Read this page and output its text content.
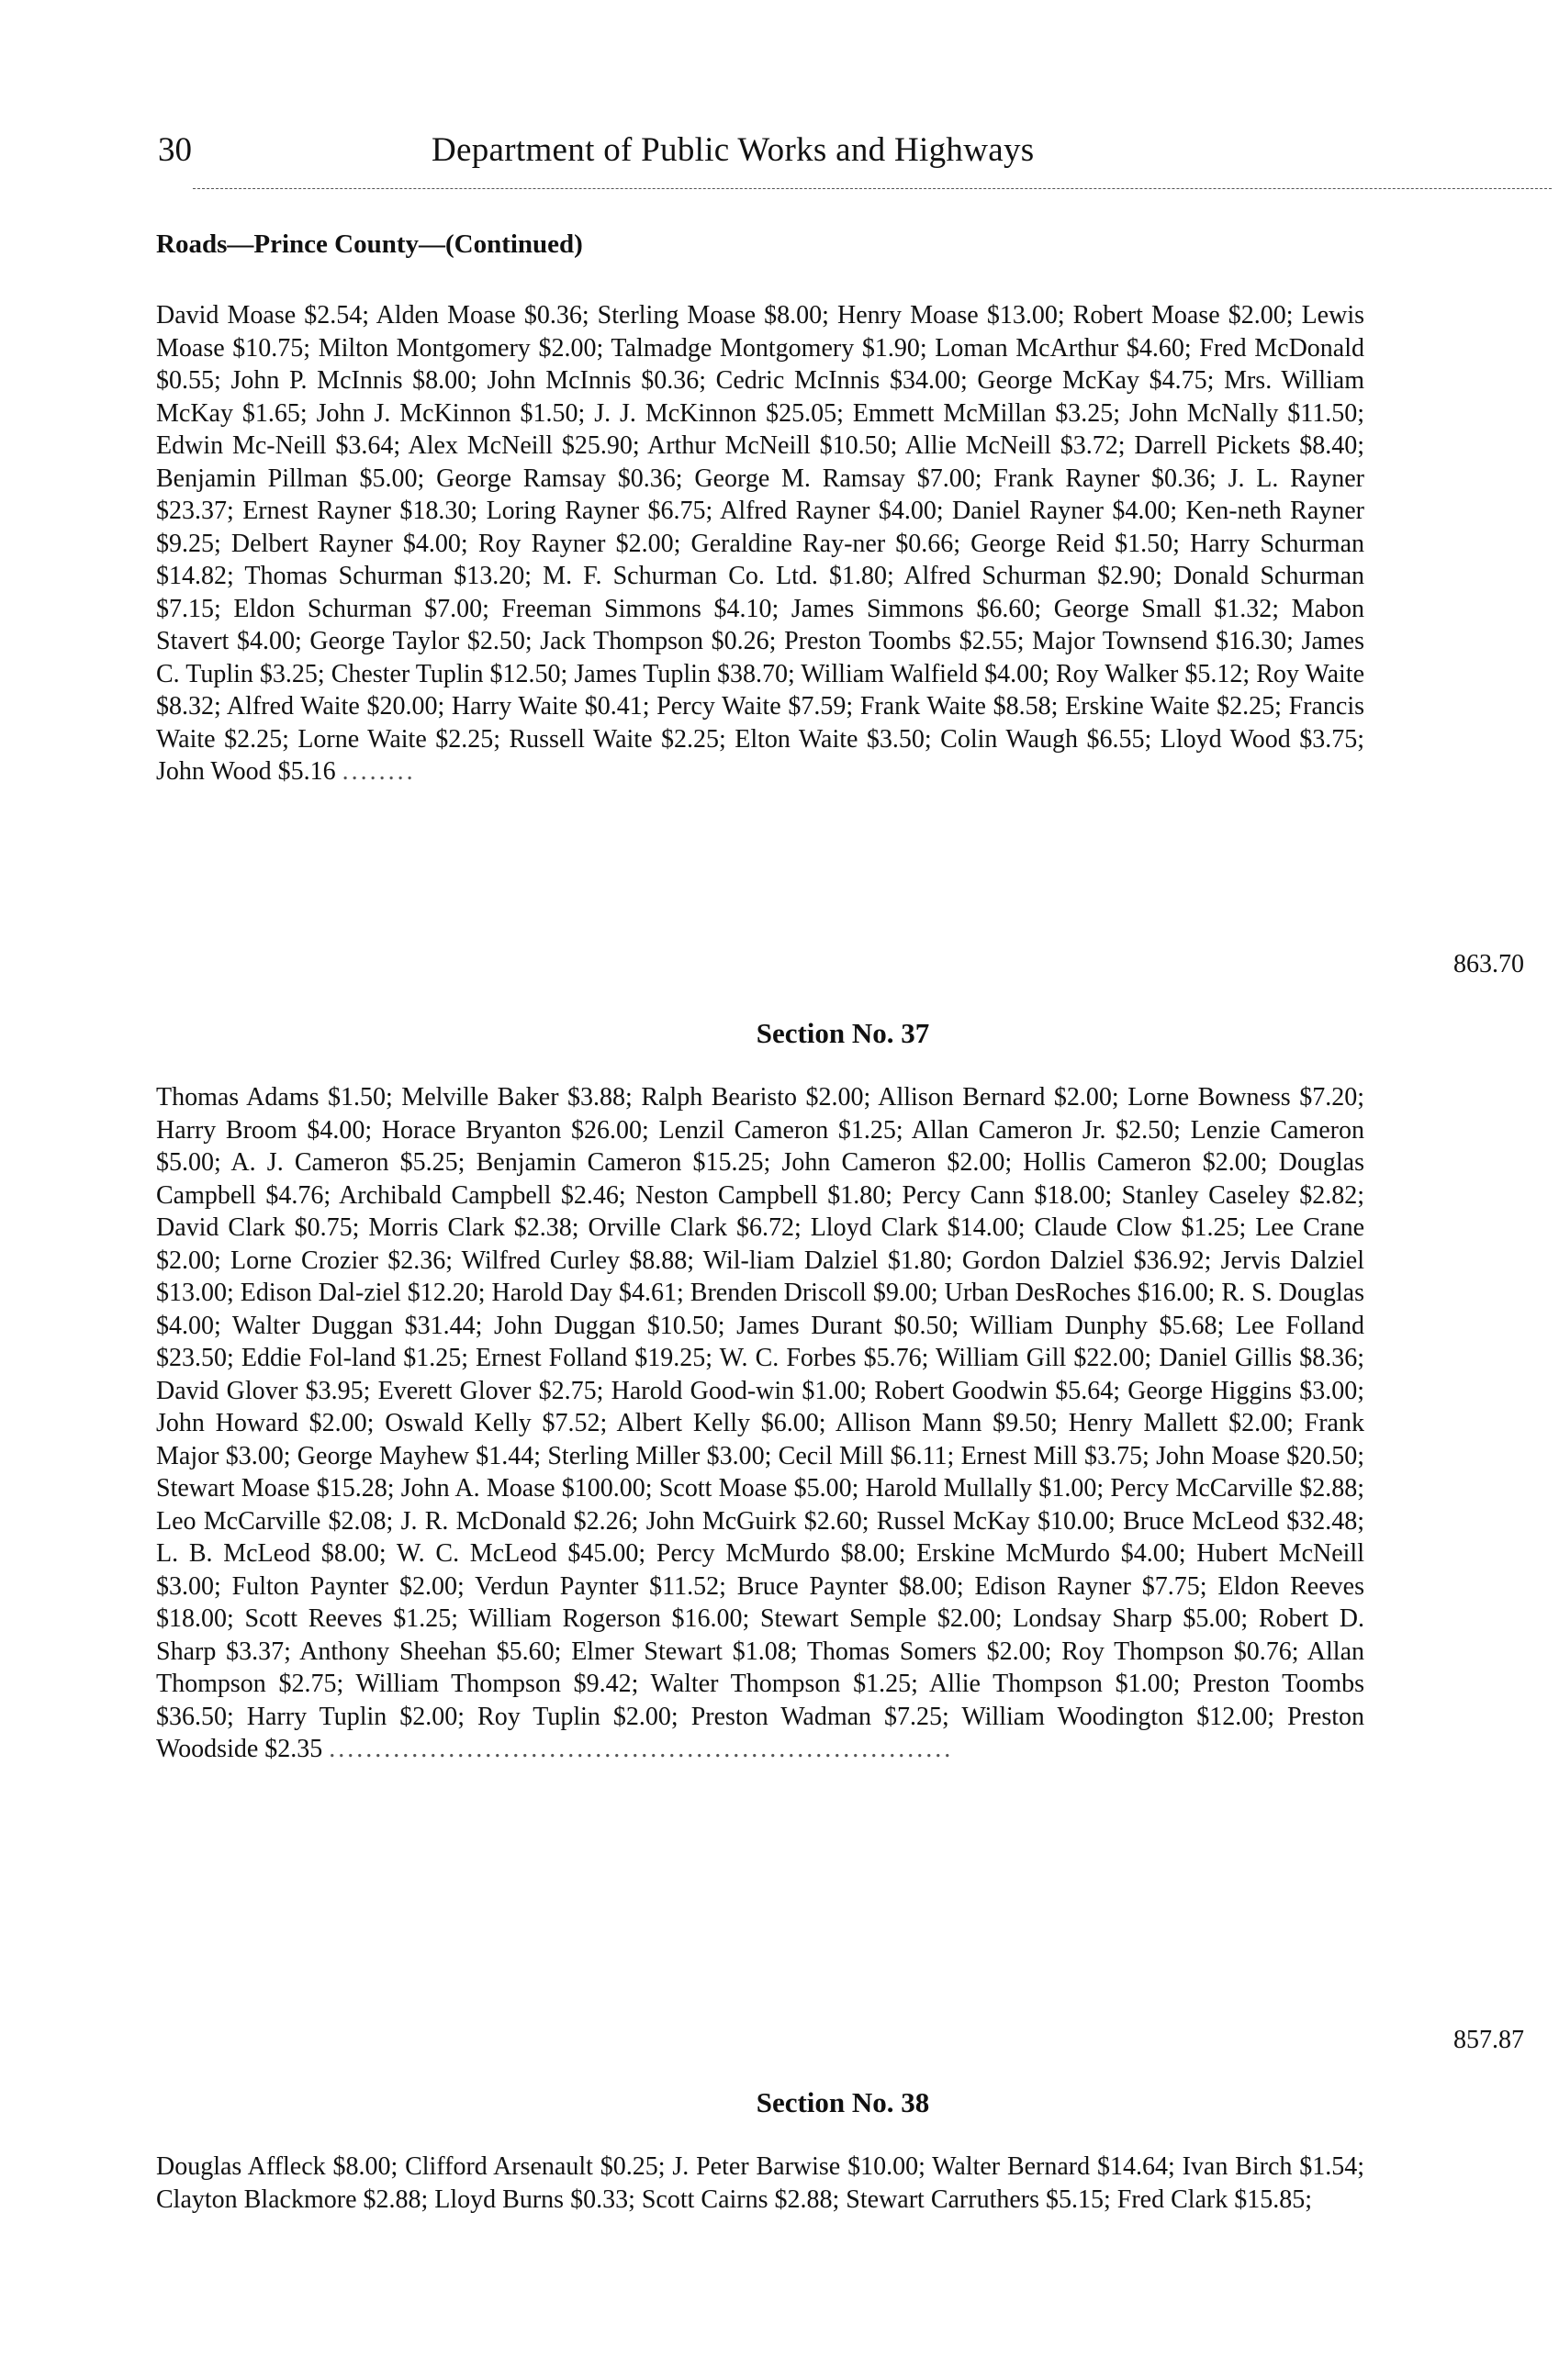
30	Department of Public Works and Highways
Roads—Prince County—(Continued)
David Moase $2.54; Alden Moase $0.36; Sterling Moase $8.00; Henry Moase $13.00; Robert Moase $2.00; Lewis Moase $10.75; Milton Montgomery $2.00; Talmadge Montgomery $1.90; Loman McArthur $4.60; Fred McDonald $0.55; John P. McInnis $8.00; John McInnis $0.36; Cedric McInnis $34.00; George McKay $4.75; Mrs. William McKay $1.65; John J. McKinnon $1.50; J. J. McKinnon $25.05; Emmett McMillan $3.25; John McNally $11.50; Edwin Mc-Neill $3.64; Alex McNeill $25.90; Arthur McNeill $10.50; Allie McNeill $3.72; Darrell Pickets $8.40; Benjamin Pillman $5.00; George Ramsay $0.36; George M. Ramsay $7.00; Frank Rayner $0.36; J. L. Rayner $23.37; Ernest Rayner $18.30; Loring Rayner $6.75; Alfred Rayner $4.00; Daniel Rayner $4.00; Ken-neth Rayner $9.25; Delbert Rayner $4.00; Roy Rayner $2.00; Geraldine Ray-ner $0.66; George Reid $1.50; Harry Schurman $14.82; Thomas Schurman $13.20; M. F. Schurman Co. Ltd. $1.80; Alfred Schurman $2.90; Donald Schurman $7.15; Eldon Schurman $7.00; Freeman Simmons $4.10; James Simmons $6.60; George Small $1.32; Mabon Stavert $4.00; George Taylor $2.50; Jack Thompson $0.26; Preston Toombs $2.55; Major Townsend $16.30; James C. Tuplin $3.25; Chester Tuplin $12.50; James Tuplin $38.70; William Walfield $4.00; Roy Walker $5.12; Roy Waite $8.32; Alfred Waite $20.00; Harry Waite $0.41; Percy Waite $7.59; Frank Waite $8.58; Erskine Waite $2.25; Francis Waite $2.25; Lorne Waite $2.25; Russell Waite $2.25; Elton Waite $3.50; Colin Waugh $6.55; Lloyd Wood $3.75; John Wood $5.16 ........
863.70
Section No. 37
Thomas Adams $1.50; Melville Baker $3.88; Ralph Bearisto $2.00; Allison Bernard $2.00; Lorne Bowness $7.20; Harry Broom $4.00; Horace Bryanton $26.00; Lenzil Cameron $1.25; Allan Cameron Jr. $2.50; Lenzie Cameron $5.00; A. J. Cameron $5.25; Benjamin Cameron $15.25; John Cameron $2.00; Hollis Cameron $2.00; Douglas Campbell $4.76; Archibald Campbell $2.46; Neston Campbell $1.80; Percy Cann $18.00; Stanley Caseley $2.82; David Clark $0.75; Morris Clark $2.38; Orville Clark $6.72; Lloyd Clark $14.00; Claude Clow $1.25; Lee Crane $2.00; Lorne Crozier $2.36; Wilfred Curley $8.88; Wil-liam Dalziel $1.80; Gordon Dalziel $36.92; Jervis Dalziel $13.00; Edison Dal-ziel $12.20; Harold Day $4.61; Brenden Driscoll $9.00; Urban DesRoches $16.00; R. S. Douglas $4.00; Walter Duggan $31.44; John Duggan $10.50; James Durant $0.50; William Dunphy $5.68; Lee Folland $23.50; Eddie Fol-land $1.25; Ernest Folland $19.25; W. C. Forbes $5.76; William Gill $22.00; Daniel Gillis $8.36; David Glover $3.95; Everett Glover $2.75; Harold Good-win $1.00; Robert Goodwin $5.64; George Higgins $3.00; John Howard $2.00; Oswald Kelly $7.52; Albert Kelly $6.00; Allison Mann $9.50; Henry Mallett $2.00; Frank Major $3.00; George Mayhew $1.44; Sterling Miller $3.00; Cecil Mill $6.11; Ernest Mill $3.75; John Moase $20.50; Stewart Moase $15.28; John A. Moase $100.00; Scott Moase $5.00; Harold Mullally $1.00; Percy McCarville $2.88; Leo McCarville $2.08; J. R. McDonald $2.26; John McGuirk $2.60; Russel McKay $10.00; Bruce McLeod $32.48; L. B. McLeod $8.00; W. C. McLeod $45.00; Percy McMurdo $8.00; Erskine McMurdo $4.00; Hubert McNeill $3.00; Fulton Paynter $2.00; Verdun Paynter $11.52; Bruce Paynter $8.00; Edison Rayner $7.75; Eldon Reeves $18.00; Scott Reeves $1.25; William Rogerson $16.00; Stewart Semple $2.00; Londsay Sharp $5.00; Robert D. Sharp $3.37; Anthony Sheehan $5.60; Elmer Stewart $1.08; Thomas Somers $2.00; Roy Thompson $0.76; Allan Thompson $2.75; William Thompson $9.42; Walter Thompson $1.25; Allie Thompson $1.00; Preston Toombs $36.50; Harry Tuplin $2.00; Roy Tuplin $2.00; Preston Wadman $7.25; William Woodington $12.00; Preston Woodside $2.35 ....................................................................
857.87
Section No. 38
Douglas Affleck $8.00; Clifford Arsenault $0.25; J. Peter Barwise $10.00; Walter Bernard $14.64; Ivan Birch $1.54; Clayton Blackmore $2.88; Lloyd Burns $0.33; Scott Cairns $2.88; Stewart Carruthers $5.15; Fred Clark $15.85;
